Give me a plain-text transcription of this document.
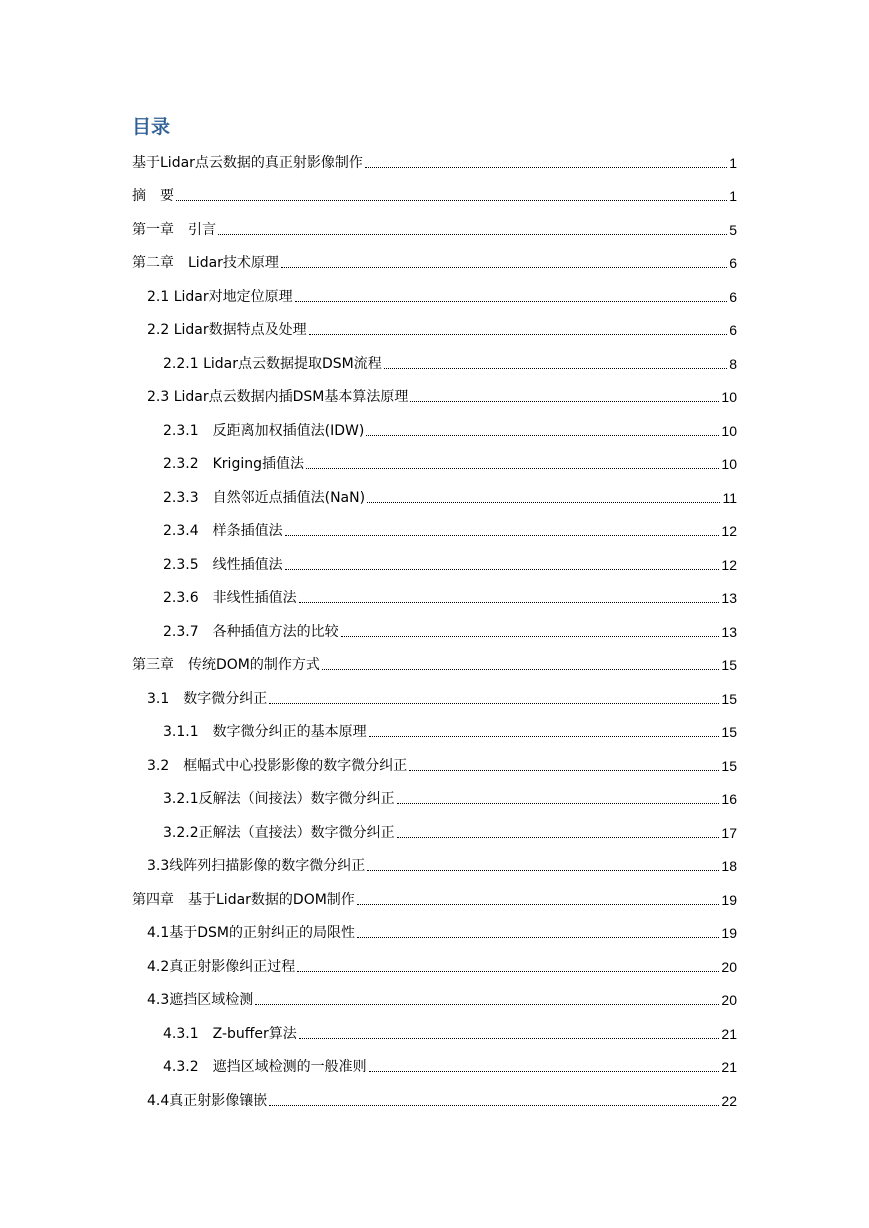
目录
基于Lidar点云数据的真正射影像制作	1
摘　要	1
第一章　引言	5
第二章　Lidar技术原理	6
2.1 Lidar对地定位原理	6
2.2 Lidar数据特点及处理	6
2.2.1 Lidar点云数据提取DSM流程	8
2.3 Lidar点云数据内插DSM基本算法原理	10
2.3.1　反距离加权插值法(IDW)	10
2.3.2　Kriging插值法	10
2.3.3　自然邻近点插值法(NaN)	11
2.3.4　样条插值法	12
2.3.5　线性插值法	12
2.3.6　非线性插值法	13
2.3.7　各种插值方法的比较	13
第三章　传统DOM的制作方式	15
3.1　数字微分纠正	15
3.1.1　数字微分纠正的基本原理	15
3.2　框幅式中心投影影像的数字微分纠正	15
3.2.1反解法（间接法）数字微分纠正	16
3.2.2正解法（直接法）数字微分纠正	17
3.3线阵列扫描影像的数字微分纠正	18
第四章　基于Lidar数据的DOM制作	19
4.1基于DSM的正射纠正的局限性	19
4.2真正射影像纠正过程	20
4.3遮挡区域检测	20
4.3.1　Z-buffer算法	21
4.3.2　遮挡区域检测的一般准则	21
4.4真正射影像镶嵌	22
